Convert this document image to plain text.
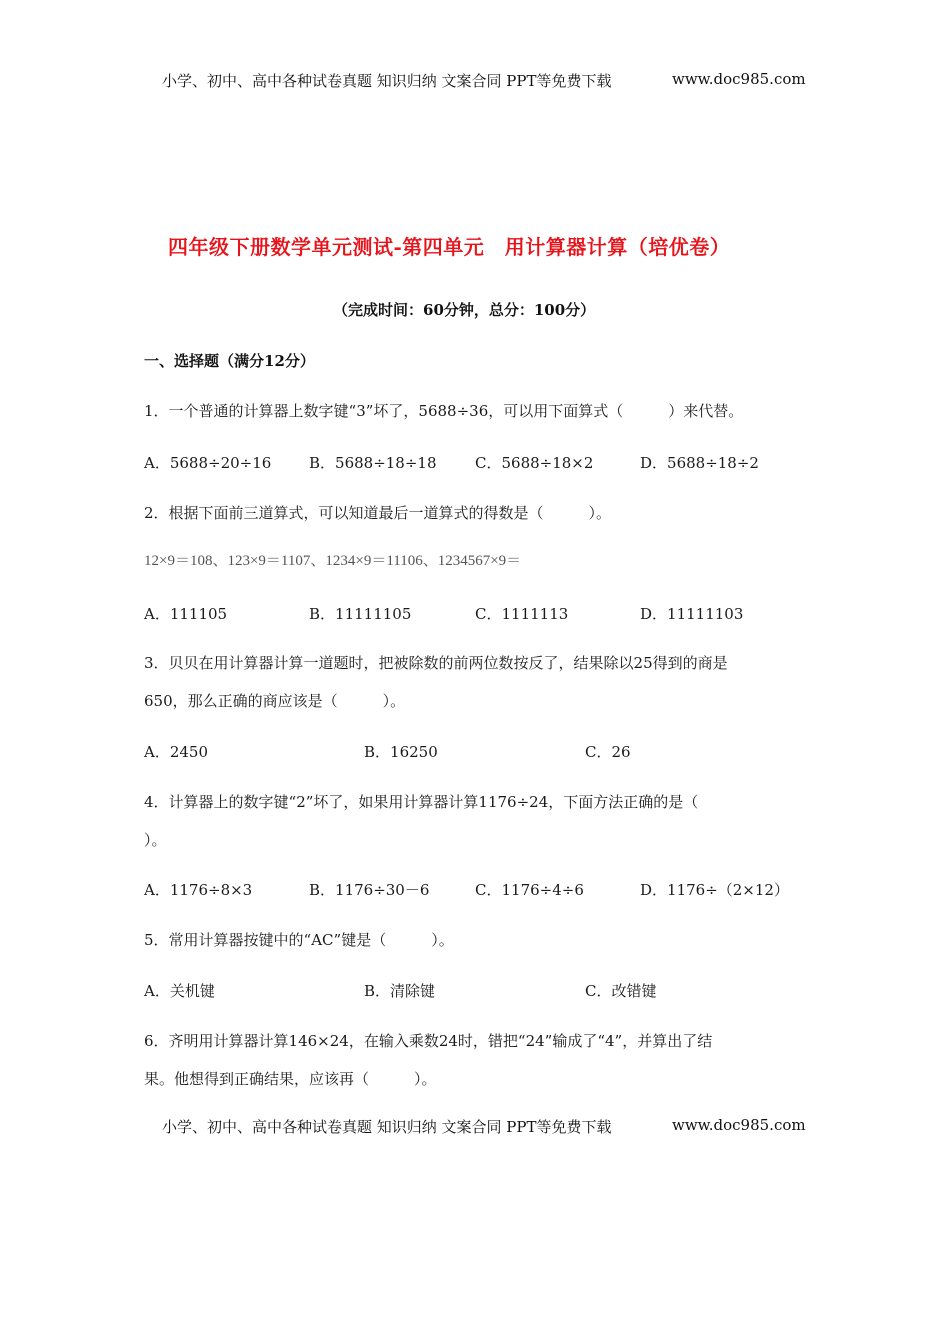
小学、初中、高中各种试卷真题 知识归纳 文案合同 PPT等免费下载	www.doc985.com
四年级下册数学单元测试-第四单元　用计算器计算（培优卷）
（完成时间：60分钟，总分：100分）
一、选择题（满分12分）
1．一个普通的计算器上数字键“3”坏了，5688÷36，可以用下面算式（　　　）来代替。
A．5688÷20÷16	B．5688÷18÷18	C．5688÷18×2	D．5688÷18÷2
2．根据下面前三道算式，可以知道最后一道算式的得数是（　　　）。
12×9＝108、123×9＝1107、1234×9＝11106、1234567×9＝
A．111105	B．11111105	C．1111113	D．11111103
3．贝贝在用计算器计算一道题时，把被除数的前两位数按反了，结果除以25得到的商是
650，那么正确的商应该是（　　　）。
A．2450	B．16250	C．26
4．计算器上的数字键“2”坏了，如果用计算器计算1176÷24，下面方法正确的是（
）。
A．1176÷8×3	B．1176÷30－6	C．1176÷4÷6	D．1176÷（2×12）
5．常用计算器按键中的“AC”键是（　　　）。
A．关机键	B．清除键	C．改错键
6．齐明用计算器计算146×24，在输入乘数24时，错把“24”输成了“4”，并算出了结
果。他想得到正确结果，应该再（　　　）。
小学、初中、高中各种试卷真题 知识归纳 文案合同 PPT等免费下载	www.doc985.com
